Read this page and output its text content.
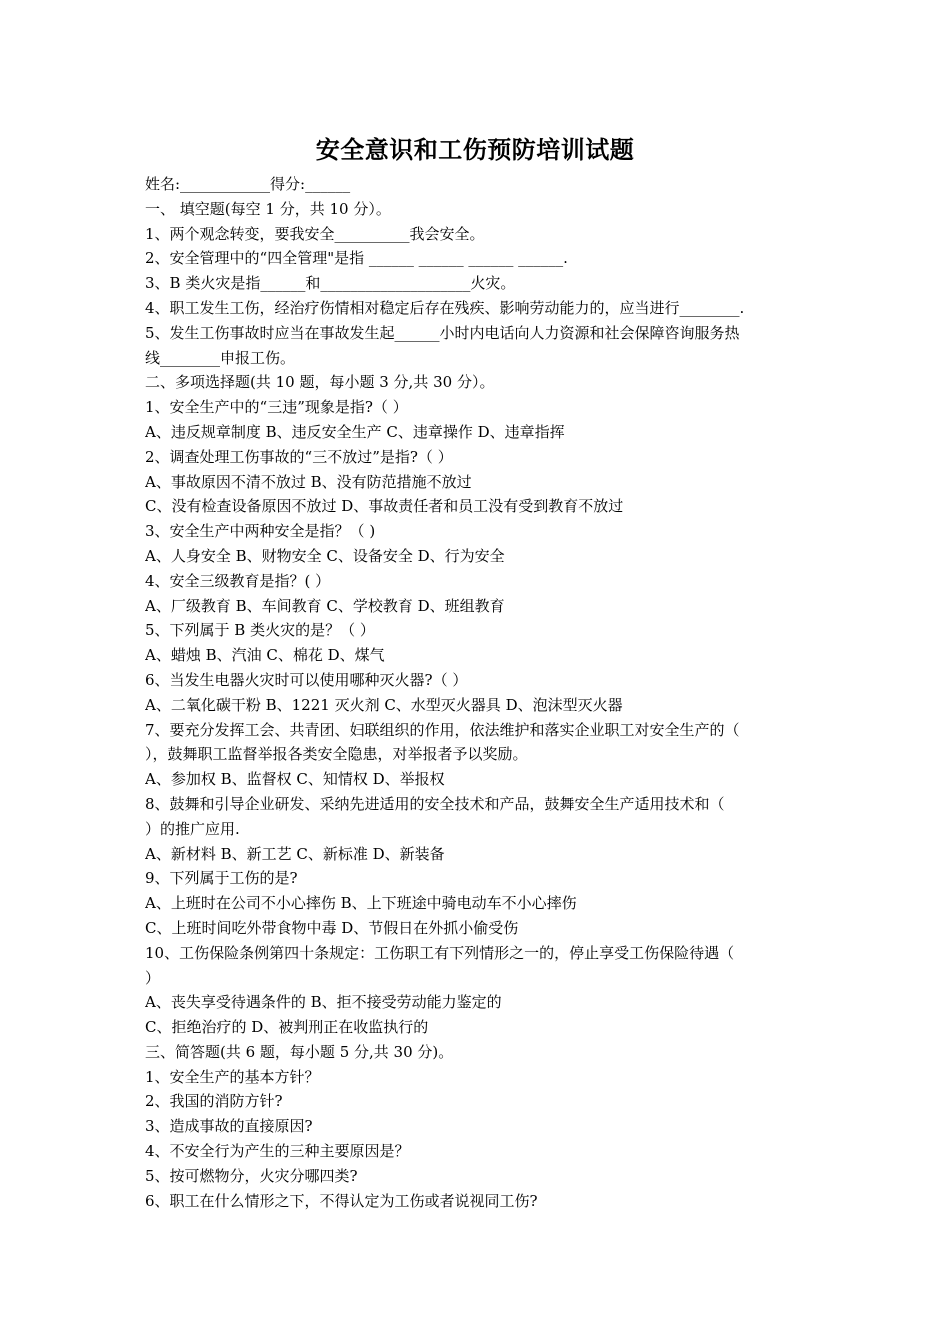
安全意识和工伤预防培训试题
姓名:____________得分:______
一、 填空题(每空 1 分，共 10 分）。
1、两个观念转变，要我安全__________我会安全。
2、安全管理中的“四全管理"是指 ______ ______ ______ ______.
3、B 类火灾是指______和____________________火灾。
4、职工发生工伤，经治疗伤情相对稳定后存在残疾、影响劳动能力的，应当进行________.
5、发生工伤事故时应当在事故发生起______小时内电话向人力资源和社会保障咨询服务热
线________申报工伤。
二、多项选择题(共 10 题，每小题 3 分,共 30 分）。
1、安全生产中的“三违”现象是指?（ ）
A、违反规章制度 B、违反安全生产 C、违章操作 D、违章指挥
2、调查处理工伤事故的“三不放过”是指?（ ）
A、事故原因不清不放过 B、没有防范措施不放过
C、没有检查设备原因不放过 D、事故责任者和员工没有受到教育不放过
3、安全生产中两种安全是指？（ )
A、人身安全 B、财物安全 C、设备安全 D、行为安全
4、安全三级教育是指？( ）
A、厂级教育 B、车间教育 C、学校教育 D、班组教育
5、下列属于 B 类火灾的是？（ ）
A、蜡烛 B、汽油 C、棉花 D、煤气
6、当发生电器火灾时可以使用哪种灭火器?（ ）
A、二氧化碳干粉 B、1221 灭火剂 C、水型灭火器具 D、泡沫型灭火器
7、要充分发挥工会、共青团、妇联组织的作用，依法维护和落实企业职工对安全生产的（
），鼓舞职工监督举报各类安全隐患，对举报者予以奖励。
A、参加权 B、监督权 C、知情权 D、举报权
8、鼓舞和引导企业研发、采纳先进适用的安全技术和产品，鼓舞安全生产适用技术和（
）的推广应用.
A、新材料 B、新工艺 C、新标准 D、新装备
9、下列属于工伤的是?
A、上班时在公司不小心摔伤 B、上下班途中骑电动车不小心摔伤
C、上班时间吃外带食物中毒 D、节假日在外抓小偷受伤
10、工伤保险条例第四十条规定：工伤职工有下列情形之一的，停止享受工伤保险待遇（
）
A、丧失享受待遇条件的 B、拒不接受劳动能力鉴定的
C、拒绝治疗的 D、被判刑正在收监执行的
三、简答题(共 6 题，每小题 5 分,共 30 分)。
1、安全生产的基本方针？
2、我国的消防方针?
3、造成事故的直接原因?
4、不安全行为产生的三种主要原因是？
5、按可燃物分，火灾分哪四类?
6、职工在什么情形之下，不得认定为工伤或者说视同工伤?
